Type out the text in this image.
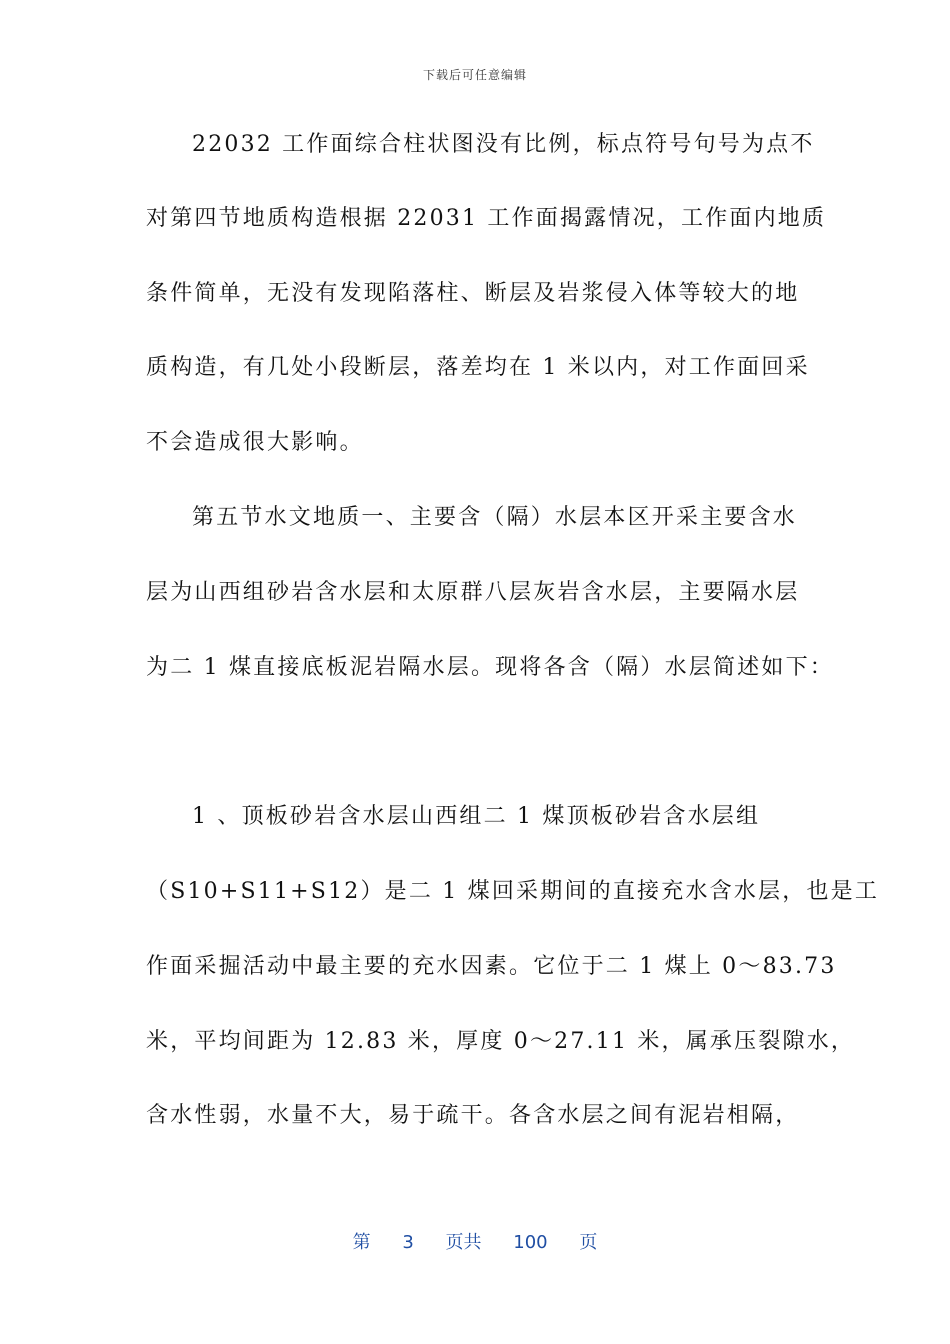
下载后可任意编辑
22032 工作面综合柱状图没有比例，标点符号句号为点不
对第四节地质构造根据 22031 工作面揭露情况，工作面内地质
条件简单，无没有发现陷落柱、断层及岩浆侵入体等较大的地
质构造，有几处小段断层，落差均在 1 米以内，对工作面回采
不会造成很大影响。
第五节水文地质一、主要含（隔）水层本区开采主要含水
层为山西组砂岩含水层和太原群八层灰岩含水层，主要隔水层
为二 1 煤直接底板泥岩隔水层。现将各含（隔）水层简述如下：
1 、顶板砂岩含水层山西组二 1 煤顶板砂岩含水层组
（S10+S11+S12）是二 1 煤回采期间的直接充水含水层，也是工
作面采掘活动中最主要的充水因素。它位于二 1 煤上 0～83.73
米，平均间距为 12.83 米，厚度 0～27.11 米，属承压裂隙水，
含水性弱，水量不大，易于疏干。各含水层之间有泥岩相隔，
第 3 页共 100 页
